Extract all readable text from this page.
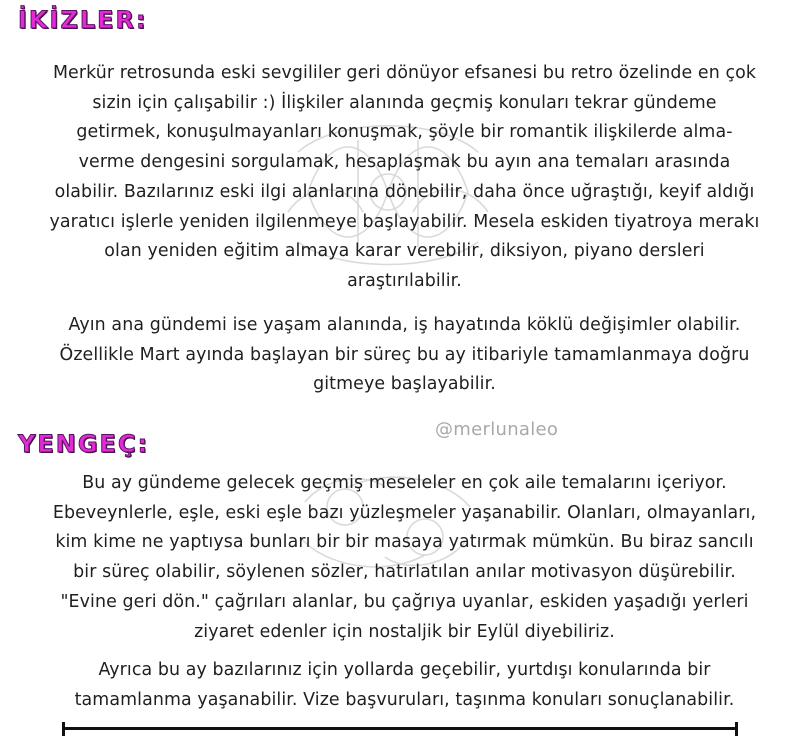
İKİZLER:

Merkür retrosunda eski sevgililer geri dönüyor efsanesi bu retro özelinde en çok
sizin için çalışabilir :) İlişkiler alanında geçmiş konuları tekrar gündeme
getirmek, konuşulmayanları konuşmak, şöyle bir romantik ilişkilerde alma-
verme dengesini sorgulamak, hesaplaşmak bu ayın ana temaları arasında
olabilir. Bazılarınız eski ilgi alanlarına dönebilir, daha önce uğraştığı, keyif aldığı
yaratıcı işlerle yeniden ilgilenmeye başlayabilir. Mesela eskiden tiyatroya merakı
olan yeniden eğitim almaya karar verebilir, diksiyon, piyano dersleri
araştırılabilir.

Ayın ana gündemi ise yaşam alanında, iş hayatında köklü değişimler olabilir.
Özellikle Mart ayında başlayan bir süreç bu ay itibariyle tamamlanmaya doğru
gitmeye başlayabilir.

@merlunaleo
YENGEÇ:

Bu ay gündeme gelecek geçmiş meseleler en çok aile temalarını içeriyor.
Ebeveynlerle, eşle, eski eşle bazı yüzleşmeler yaşanabilir. Olanları, olmayanları,
kim kime ne yaptıysa bunları bir bir masaya yatırmak mümkün. Bu biraz sancılı
bir süreç olabilir, söylenen sözler, hatırlatılan anılar motivasyon düşürebilir.
"Evine geri dön." çağrıları alanlar, bu çağrıya uyanlar, eskiden yaşadığı yerleri
ziyaret edenler için nostaljik bir Eylül diyebiliriz.

Ayrıca bu ay bazılarınız için yollarda geçebilir, yurtdışı konularında bir
tamamlanma yaşanabilir. Vize başvuruları, taşınma konuları sonuçlanabilir.
